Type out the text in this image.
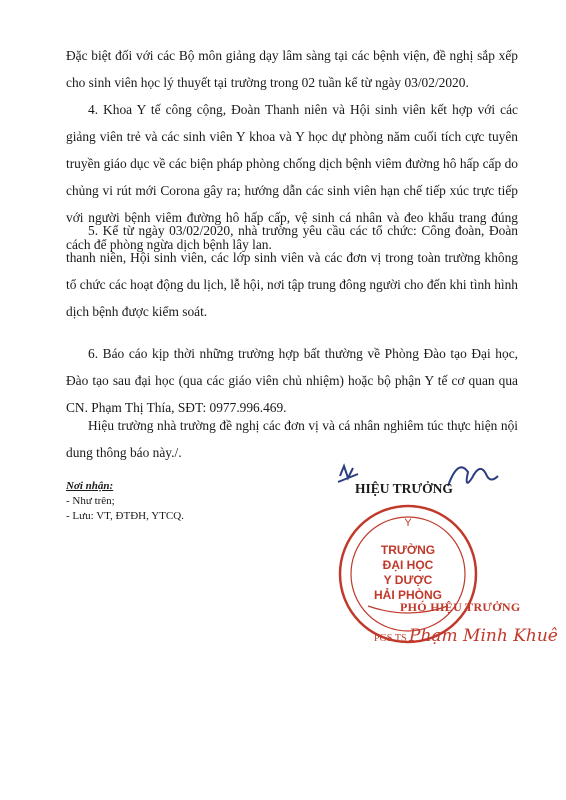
Đặc biệt đối với các Bộ môn giảng dạy lâm sàng tại các bệnh viện, đề nghị sắp xếp cho sinh viên học lý thuyết tại trường trong 02 tuần kể từ ngày 03/02/2020.

4. Khoa Y tế công cộng, Đoàn Thanh niên và Hội sinh viên kết hợp với các giảng viên trẻ và các sinh viên Y khoa và Y học dự phòng năm cuối tích cực tuyên truyền giáo dục về các biện pháp phòng chống dịch bệnh viêm đường hô hấp cấp do chủng vi rút mới Corona gây ra; hướng dẫn các sinh viên hạn chế tiếp xúc trực tiếp với người bệnh viêm đường hô hấp cấp, vệ sinh cá nhân và đeo khẩu trang đúng cách để phòng ngừa dịch bệnh lây lan.

5. Kể từ ngày 03/02/2020, nhà trường yêu cầu các tổ chức: Công đoàn, Đoàn thanh niên, Hội sinh viên, các lớp sinh viên và các đơn vị trong toàn trường không tổ chức các hoạt động du lịch, lễ hội, nơi tập trung đông người cho đến khi tình hình dịch bệnh được kiểm soát.

6. Báo cáo kịp thời những trường hợp bất thường về Phòng Đào tạo Đại học, Đào tạo sau đại học (qua các giáo viên chủ nhiệm) hoặc bộ phận Y tế cơ quan qua CN. Phạm Thị Thía, SĐT: 0977.996.469.

Hiệu trường nhà trường đề nghị các đơn vị và cá nhân nghiêm túc thực hiện nội dung thông báo này./.

Nơi nhận:
- Như trên;
- Lưu: VT, ĐTĐH, YTCQ.
Y
TRƯỜNG
ĐẠI HỌC
Y DƯỢC
HẢI PHÒNG
HIỆU TRƯỞNG
PHÓ HIỆU TRƯỞNG
PGS.TS Phạm Minh Khuê
